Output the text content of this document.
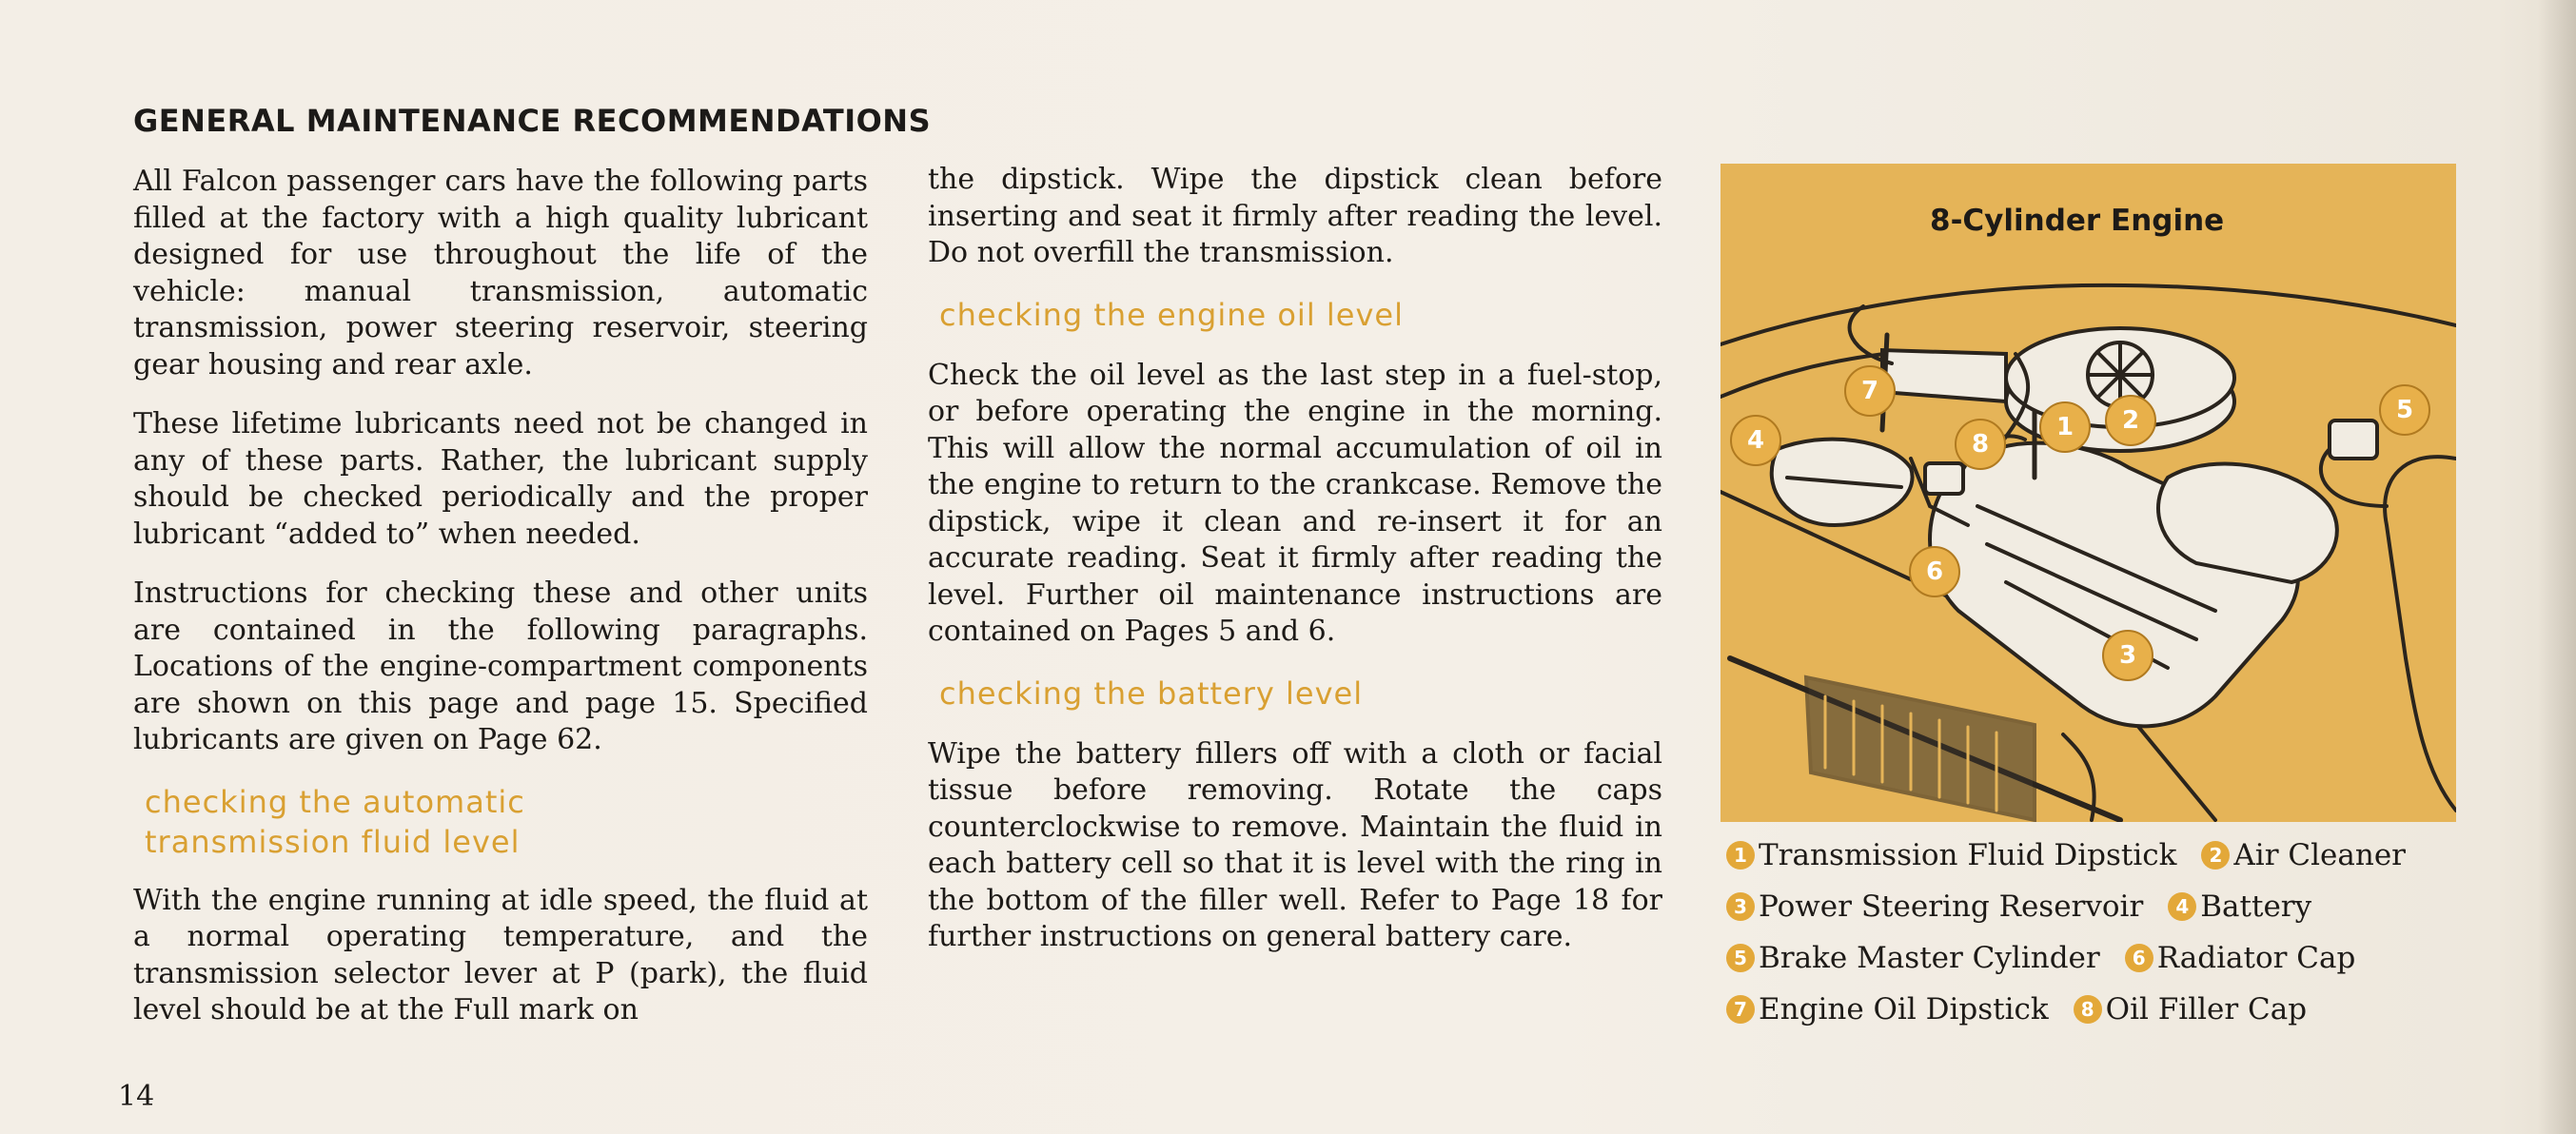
GENERAL MAINTENANCE RECOMMENDATIONS

All Falcon passenger cars have the following parts filled at the factory with a high quality lubricant designed for use throughout the life of the vehicle: manual transmission, automatic transmission, power steering reservoir, steering gear housing and rear axle.

These lifetime lubricants need not be changed in any of these parts. Rather, the lubricant supply should be checked periodically and the proper lubricant “added to” when needed.

Instructions for checking these and other units are contained in the following paragraphs. Locations of the engine-compartment components are shown on this page and page 15. Specified lubricants are given on Page 62.

checking the automatic
transmission fluid level

With the engine running at idle speed, the fluid at a normal operating temperature, and the transmission selector lever at P (park), the fluid level should be at the Full mark on

the dipstick. Wipe the dipstick clean before inserting and seat it firmly after reading the level. Do not overfill the transmission.

checking the engine oil level

Check the oil level as the last step in a fuel-stop, or before operating the engine in the morning. This will allow the normal accumulation of oil in the engine to return to the crankcase. Remove the dipstick, wipe it clean and re-insert it for an accurate reading. Seat it firmly after reading the level. Further oil maintenance instructions are contained on Pages 5 and 6.

checking the battery level

Wipe the battery fillers off with a cloth or facial tissue before removing. Rotate the caps counterclockwise to remove. Maintain the fluid in each battery cell so that it is level with the ring in the bottom of the filler well. Refer to Page 18 for further instructions on general battery care.

8-Cylinder Engine
1	2
3
4
5
6
7
8
1 Transmission Fluid Dipstick	2 Air Cleaner
3 Power Steering Reservoir	4 Battery
5 Brake Master Cylinder	6 Radiator Cap
7 Engine Oil Dipstick	8 Oil Filler Cap
14
